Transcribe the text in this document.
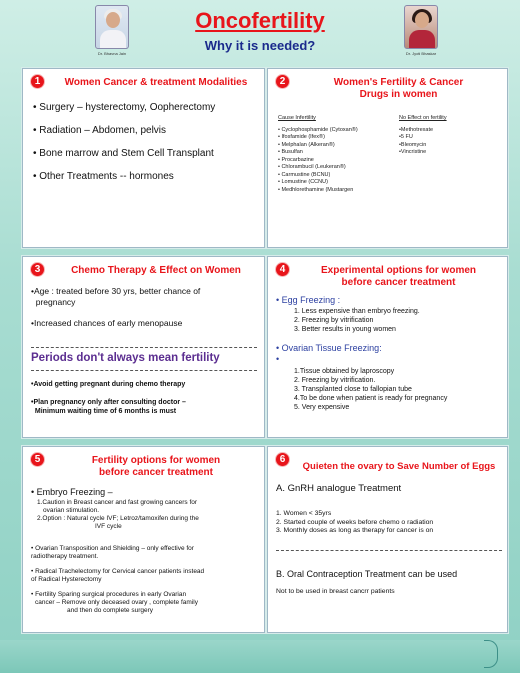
Dr. Bhavna Jain
Oncofertility
Why it is needed?
Dr. Jyoti Bhaskar
1	Women Cancer & treatment Modalities
• Surgery – hysterectomy, Oopherectomy
• Radiation – Abdomen, pelvis
• Bone marrow and Stem Cell Transplant
• Other Treatments -- hormones
2	Women's Fertility & Cancer
Drugs in women
Cause Infertility
• Cyclophosphamide (Cytoxan®)
• Ifosfamide (Ifex®)
• Melphalan (Alkeran®)
• Busulfan
• Procarbazine
• Chlorambucil (Leukeran®)
• Carmustine (BCNU)
• Lomustine (CCNU)
• Medhlorethamine (Mustargen
No Effect on fertility
•Methotrexate
•5 FU
•Bleomycin
•Vincristine
3	Chemo Therapy & Effect on Women
•Age : treated before 30 yrs, better chance of
pregnancy
•Increased chances of early menopause
Periods don't always mean fertility
•Avoid getting pregnant during chemo therapy
•Plan pregnancy only after consulting doctor –
Minimum waiting time of 6 months is must
4	Experimental options for women
before cancer treatment
• Egg Freezing :
1. Less expensive than embryo freezing.
2. Freezing by vitrification
3. Better results in young women
• Ovarian Tissue Freezing:
•
1.Tissue obtained by laproscopy
2. Freezing by vitrification.
3. Transplanted close to fallopian tube
4.To be done when patient is ready for pregnancy
5. Very expensive
5	Fertility options for women
before cancer treatment
• Embryo Freezing –
1.Caution in Breast cancer and fast growing cancers for
ovarian stimulation.
2.Option : Natural cycle IVF; Letroz/tamoxifen during the
IVF cycle
• Ovarian Transposition and Shielding – only effective for
radiotherapy treatment.
• Radical Trachelectomy for Cervical cancer patients instead
of Radical Hysterectomy
• Fertility Sparing surgical procedures in early Ovarian
cancer – Remove only deceased ovary , complete family
and then do complete surgery
6
Quieten the ovary to Save Number of Eggs
A. GnRH analogue Treatment
1. Women < 35yrs
2. Started couple of weeks before chemo o radiation
3. Monthly doses as long as therapy for cancer is on
B. Oral Contraception Treatment can be used
Not to be used in breast cancrr patients
